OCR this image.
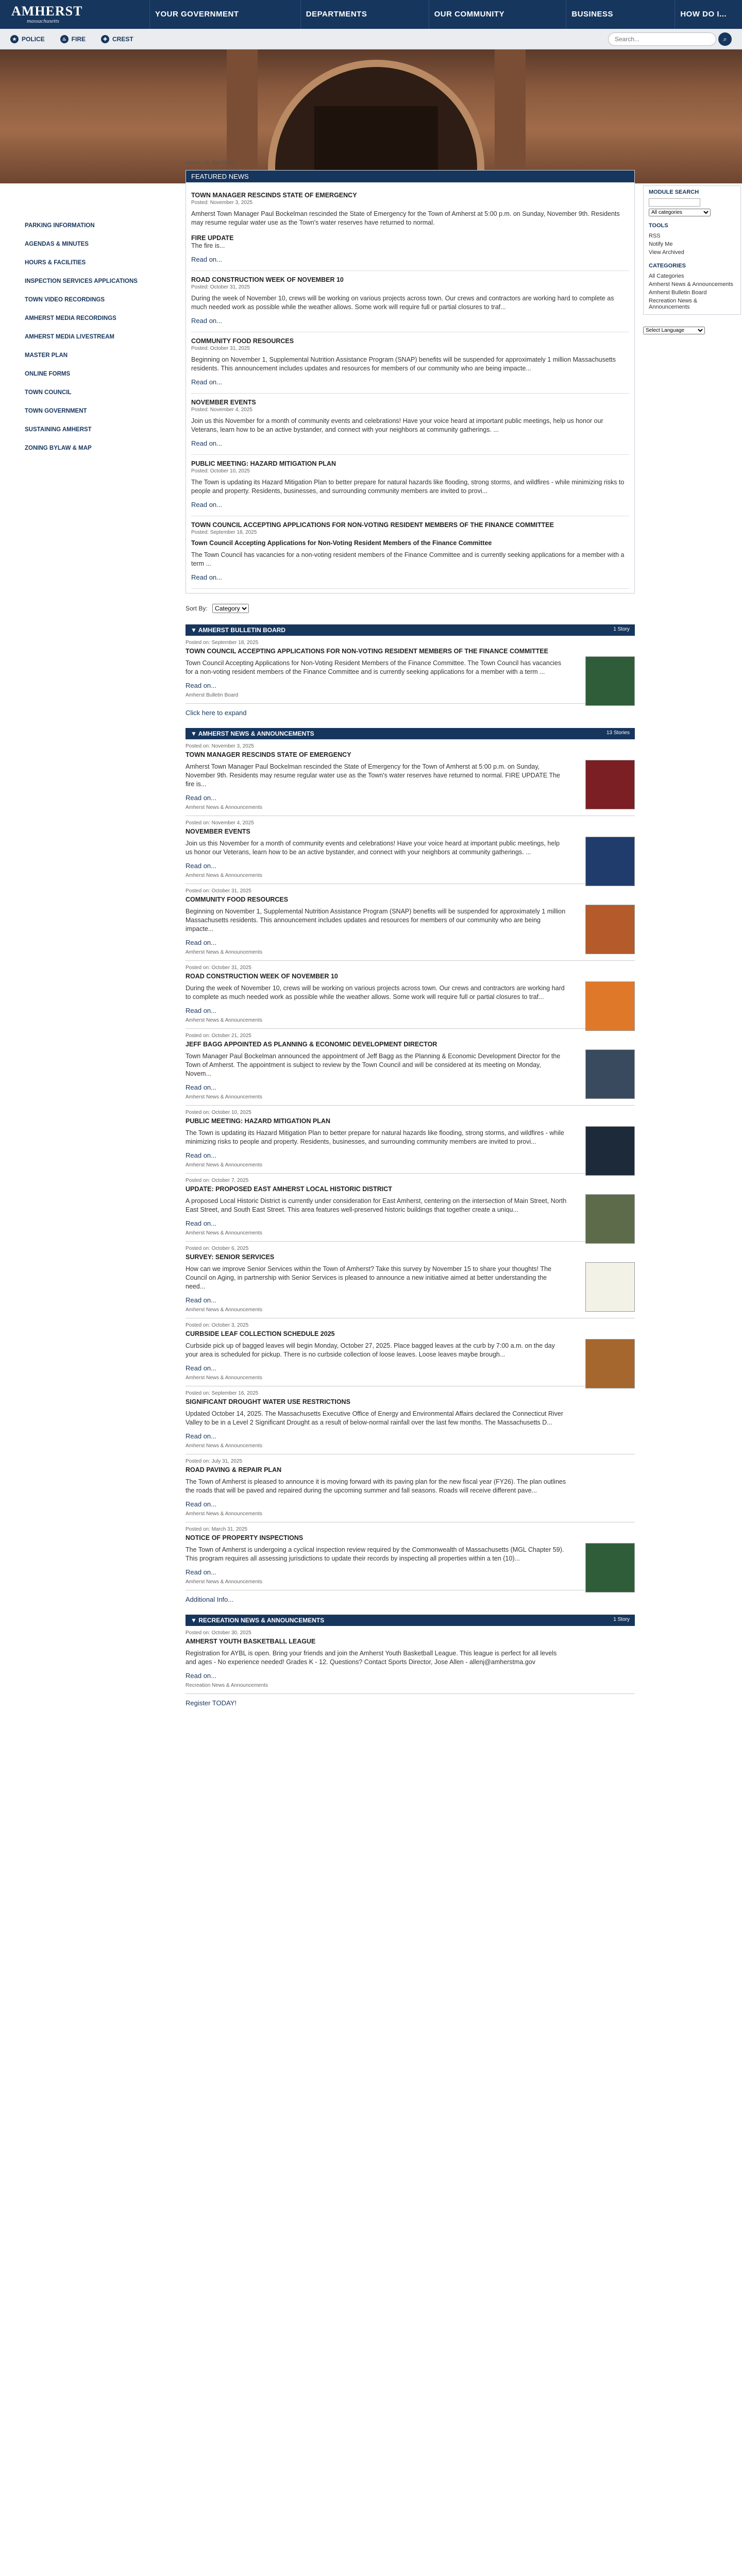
AMHERST
massachusetts
YOUR GOVERNMENT	DEPARTMENTS	OUR COMMUNITY	BUSINESS	HOW DO I...
★ POLICE	♨ FIRE	✚ CREST
Search...	⌕
PARKING INFORMATION
AGENDAS & MINUTES
HOURS & FACILITIES
INSPECTION SERVICES APPLICATIONS
TOWN VIDEO RECORDINGS
AMHERST MEDIA RECORDINGS
AMHERST MEDIA LIVESTREAM
MASTER PLAN
ONLINE FORMS
TOWN COUNCIL
TOWN GOVERNMENT
SUSTAINING AMHERST
ZONING BYLAW & MAP
Home › In the News
FEATURED NEWS
TOWN MANAGER RESCINDS STATE OF EMERGENCY
Posted: November 3, 2025
Amherst Town Manager Paul Bockelman rescinded the State of Emergency for the Town of Amherst at 5:00 p.m. on Sunday, November 9th. Residents may resume regular water use as the Town's water reserves have returned to normal.
FIRE UPDATE
The fire is...
Read on...
ROAD CONSTRUCTION WEEK OF NOVEMBER 10
Posted: October 31, 2025
During the week of November 10, crews will be working on various projects across town. Our crews and contractors are working hard to complete as much needed work as possible while the weather allows. Some work will require full or partial closures to traf...
Read on...
COMMUNITY FOOD RESOURCES
Posted: October 31, 2025
Beginning on November 1, Supplemental Nutrition Assistance Program (SNAP) benefits will be suspended for approximately 1 million Massachusetts residents. This announcement includes updates and resources for members of our community who are being impacte...
Read on...
NOVEMBER EVENTS
Posted: November 4, 2025
Join us this November for a month of community events and celebrations! Have your voice heard at important public meetings, help us honor our Veterans, learn how to be an active bystander, and connect with your neighbors at community gatherings. ...
Read on...
PUBLIC MEETING: HAZARD MITIGATION PLAN
Posted: October 10, 2025
The Town is updating its Hazard Mitigation Plan to better prepare for natural hazards like flooding, strong storms, and wildfires - while minimizing risks to people and property. Residents, businesses, and surrounding community members are invited to provi...
Read on...
TOWN COUNCIL ACCEPTING APPLICATIONS FOR NON-VOTING RESIDENT MEMBERS OF THE FINANCE COMMITTEE
Posted: September 18, 2025
Town Council Accepting Applications for Non-Voting Resident Members of the Finance Committee
The Town Council has vacancies for a non-voting resident members of the Finance Committee and is currently seeking applications for a member with a term ...
Read on...
Sort By:
Category
▼ AMHERST BULLETIN BOARD	1 Story
Posted on: September 18, 2025
TOWN COUNCIL ACCEPTING APPLICATIONS FOR NON-VOTING RESIDENT MEMBERS OF THE FINANCE COMMITTEE
Town Council Accepting Applications for Non-Voting Resident Members of the Finance Committee. The Town Council has vacancies for a non-voting resident members of the Finance Committee and is currently seeking applications for a member with a term ...
Read on...
Amherst Bulletin Board
Click here to expand
▼ AMHERST NEWS & ANNOUNCEMENTS	13 Stories
Posted on: November 3, 2025
TOWN MANAGER RESCINDS STATE OF EMERGENCY
Amherst Town Manager Paul Bockelman rescinded the State of Emergency for the Town of Amherst at 5:00 p.m. on Sunday, November 9th. Residents may resume regular water use as the Town's water reserves have returned to normal. FIRE UPDATE The fire is...
Read on...
Amherst News & Announcements
Posted on: November 4, 2025
NOVEMBER EVENTS
Join us this November for a month of community events and celebrations! Have your voice heard at important public meetings, help us honor our Veterans, learn how to be an active bystander, and connect with your neighbors at community gatherings. ...
Read on...
Amherst News & Announcements
Posted on: October 31, 2025
COMMUNITY FOOD RESOURCES
Beginning on November 1, Supplemental Nutrition Assistance Program (SNAP) benefits will be suspended for approximately 1 million Massachusetts residents. This announcement includes updates and resources for members of our community who are being impacte...
Read on...
Amherst News & Announcements
Posted on: October 31, 2025
ROAD CONSTRUCTION WEEK OF NOVEMBER 10
During the week of November 10, crews will be working on various projects across town. Our crews and contractors are working hard to complete as much needed work as possible while the weather allows. Some work will require full or partial closures to traf...
Read on...
Amherst News & Announcements
Posted on: October 21, 2025
JEFF BAGG APPOINTED AS PLANNING & ECONOMIC DEVELOPMENT DIRECTOR
Town Manager Paul Bockelman announced the appointment of Jeff Bagg as the Planning & Economic Development Director for the Town of Amherst. The appointment is subject to review by the Town Council and will be considered at its meeting on Monday, Novem...
Read on...
Amherst News & Announcements
Posted on: October 10, 2025
PUBLIC MEETING: HAZARD MITIGATION PLAN
The Town is updating its Hazard Mitigation Plan to better prepare for natural hazards like flooding, strong storms, and wildfires - while minimizing risks to people and property. Residents, businesses, and surrounding community members are invited to provi...
Read on...
Amherst News & Announcements
Posted on: October 7, 2025
UPDATE: PROPOSED EAST AMHERST LOCAL HISTORIC DISTRICT
A proposed Local Historic District is currently under consideration for East Amherst, centering on the intersection of Main Street, North East Street, and South East Street. This area features well-preserved historic buildings that together create a uniqu...
Read on...
Amherst News & Announcements
Posted on: October 6, 2025
SURVEY: SENIOR SERVICES
How can we improve Senior Services within the Town of Amherst? Take this survey by November 15 to share your thoughts! The Council on Aging, in partnership with Senior Services is pleased to announce a new initiative aimed at better understanding the need...
Read on...
Amherst News & Announcements
Posted on: October 3, 2025
CURBSIDE LEAF COLLECTION SCHEDULE 2025
Curbside pick up of bagged leaves will begin Monday, October 27, 2025. Place bagged leaves at the curb by 7:00 a.m. on the day your area is scheduled for pickup. There is no curbside collection of loose leaves. Loose leaves maybe brough...
Read on...
Amherst News & Announcements
Posted on: September 16, 2025
SIGNIFICANT DROUGHT WATER USE RESTRICTIONS
Updated October 14, 2025. The Massachusetts Executive Office of Energy and Environmental Affairs declared the Connecticut River Valley to be in a Level 2 Significant Drought as a result of below-normal rainfall over the last few months. The Massachusetts D...
Read on...
Amherst News & Announcements
Posted on: July 31, 2025
ROAD PAVING & REPAIR PLAN
The Town of Amherst is pleased to announce it is moving forward with its paving plan for the new fiscal year (FY26). The plan outlines the roads that will be paved and repaired during the upcoming summer and fall seasons. Roads will receive different pave...
Read on...
Amherst News & Announcements
Posted on: March 31, 2025
NOTICE OF PROPERTY INSPECTIONS
The Town of Amherst is undergoing a cyclical inspection review required by the Commonwealth of Massachusetts (MGL Chapter 59). This program requires all assessing jurisdictions to update their records by inspecting all properties within a ten (10)...
Read on...
Amherst News & Announcements
Additional Info...
▼ RECREATION NEWS & ANNOUNCEMENTS	1 Story
Posted on: October 30, 2025
AMHERST YOUTH BASKETBALL LEAGUE
Registration for AYBL is open. Bring your friends and join the Amherst Youth Basketball League. This league is perfect for all levels and ages - No experience needed! Grades K - 12. Questions? Contact Sports Director, Jose Allen - allenj@amherstma.gov
Read on...
Recreation News & Announcements
Register TODAY!
MODULE SEARCH

All categories
TOOLS
RSS
Notify Me
View Archived
CATEGORIES
All Categories
Amherst News & Announcements
Amherst Bulletin Board
Recreation News & Announcements
Select Language
